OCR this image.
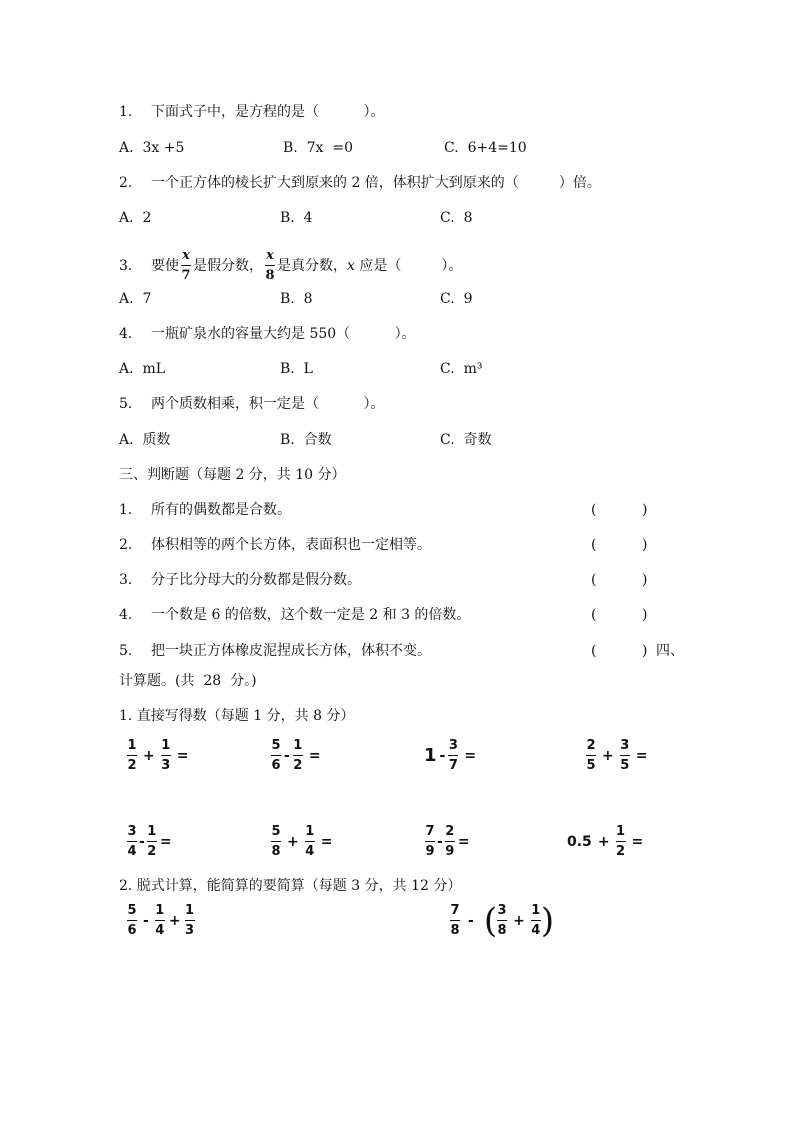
1. 下面式子中，是方程的是（          ）。
A.  3x +5	B.  7x  =0	C.  6+4=10
2. 一个正方体的棱长扩大到原来的 2 倍，体积扩大到原来的（         ）倍。
A.  2	B.  4	C.  8
3.	要使 $\frac{x}{7}$ 是假分数， $\frac{x}{8}$ 是真分数， x 应是（         ）。
A.  7	B.  8	C.  9
4. 一瓶矿泉水的容量大约是 550（          ）。
A.  mL	B.  L	C.  m³
5. 两个质数相乘，积一定是（          ）。
A.  质数	B.  合数	C.  奇数
三、判断题（每题 2 分，共 10 分）
1. 所有的偶数都是合数。	(	)
2. 体积相等的两个长方体，表面积也一定相等。	(	)
3. 分子比分母大的分数都是假分数。	(	)
4. 一个数是 6 的倍数，这个数一定是 2 和 3 的倍数。	(	)
5. 把一块正方体橡皮泥捏成长方体，体积不变。	(	) 四、
计算题。(共  28  分。)
1. 直接写得数（每题 1 分，共 8 分）
$\frac{1}{2} + \frac{1}{3}$ =	$\frac{5}{6} - \frac{1}{2}$ =	$1 - \frac{3}{7}$ =	$\frac{2}{5} + \frac{3}{5}$ =
$\frac{3}{4} - \frac{1}{2}$ =	$\frac{5}{8} + \frac{1}{4}$ =	$\frac{7}{9} - \frac{2}{9}$ =	$0.5 + \frac{1}{2}$ =
2. 脱式计算，能简算的要简算（每题 3 分，共 12 分）
$\frac{5}{6} - \frac{1}{4} + \frac{1}{3}$	$\frac{7}{8}$ - ( $\frac{3}{8} + \frac{1}{4}$ )
